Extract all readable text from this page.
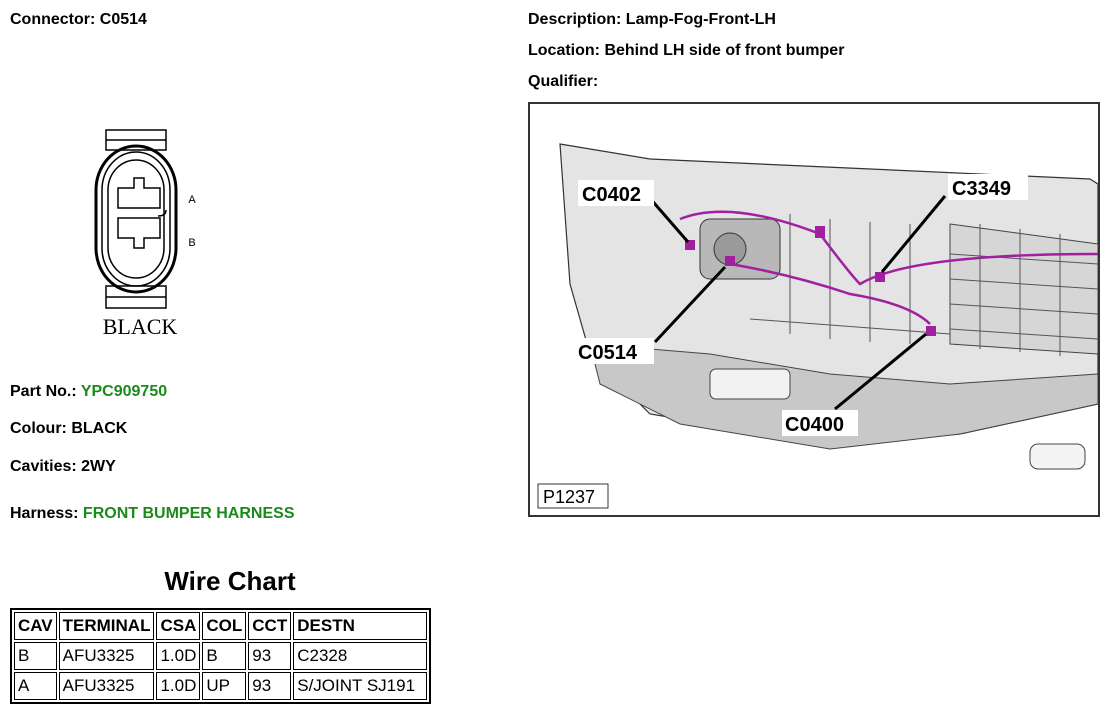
Connector: C0514	Description: Lamp-Fog-Front-LH
Location: Behind LH side of front bumper
Qualifier:
A
B
BLACK
C0402	C3349
C0514
C0400
P1237
Part No.: YPC909750
Colour: BLACK
Cavities: 2WY
Harness: FRONT BUMPER HARNESS
Wire Chart
CAV	TERMINAL	CSA	COL	CCT	DESTN
B	AFU3325	1.0D	B	93	C2328
A	AFU3325	1.0D	UP	93	S/JOINT SJ191
